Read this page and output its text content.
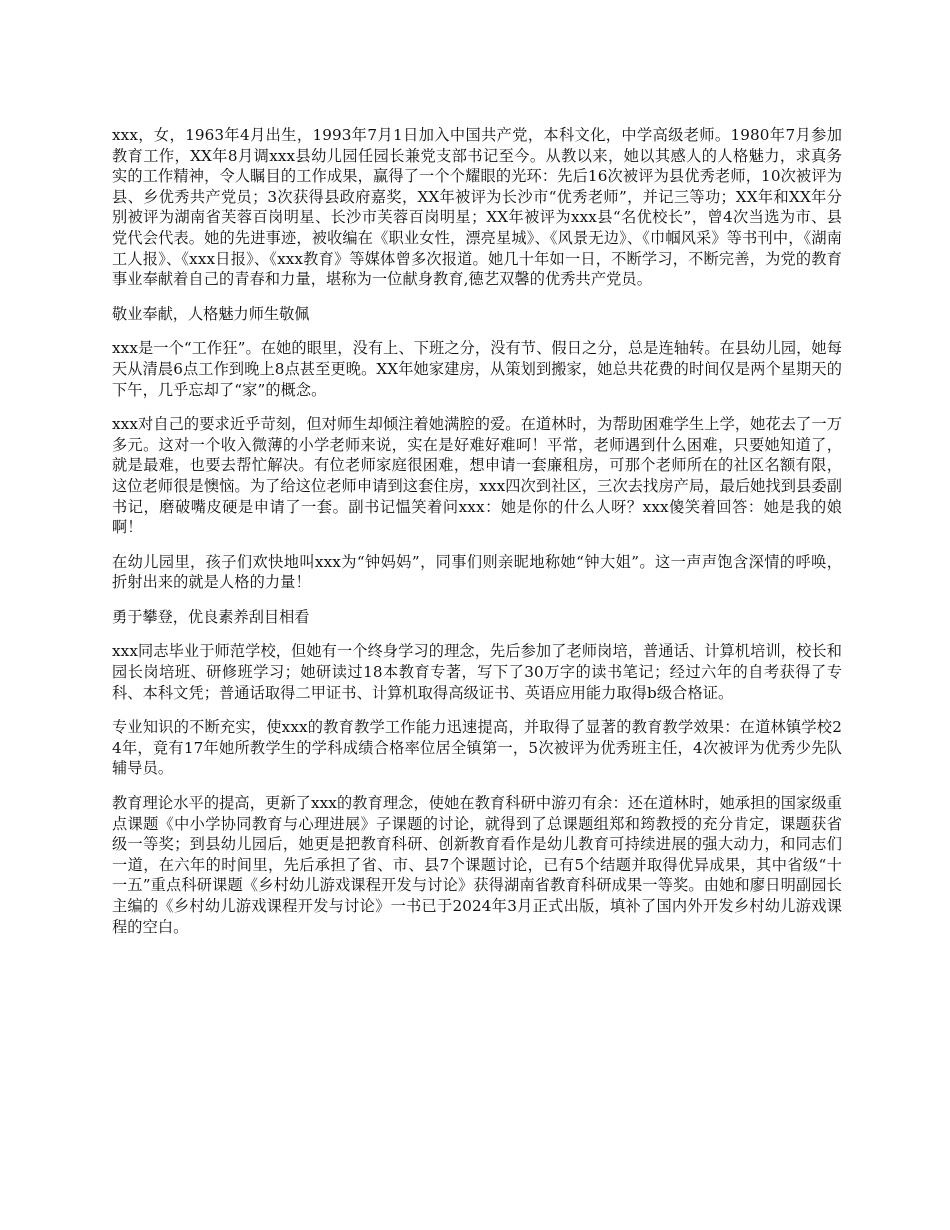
xxx，女，1963年4月出生，1993年7月1日加入中国共产党，本科文化，中学高级老师。1980年7月参加教育工作，XX年8月调xxx县幼儿园任园长兼党支部书记至今。从教以来，她以其感人的人格魅力，求真务实的工作精神，令人瞩目的工作成果，赢得了一个个耀眼的光环：先后16次被评为县优秀老师，10次被评为县、乡优秀共产党员；3次获得县政府嘉奖，XX年被评为长沙市“优秀老师”，并记三等功；XX年和XX年分别被评为湖南省芙蓉百岗明星、长沙市芙蓉百岗明星；XX年被评为xxx县“名优校长”，曾4次当选为市、县党代会代表。她的先进事迹，被收编在《职业女性，漂亮星城》、《风景无边》、《巾帼风采》等书刊中，《湖南工人报》、《xxx日报》、《xxx教育》等媒体曾多次报道。她几十年如一日，不断学习，不断完善，为党的教育事业奉献着自己的青春和力量，堪称为一位献身教育,德艺双馨的优秀共产党员。

敬业奉献，人格魅力师生敬佩

xxx是一个“工作狂”。在她的眼里，没有上、下班之分，没有节、假日之分，总是连轴转。在县幼儿园，她每天从清晨6点工作到晚上8点甚至更晚。XX年她家建房，从策划到搬家，她总共花费的时间仅是两个星期天的下午，几乎忘却了“家”的概念。

xxx对自己的要求近乎苛刻，但对师生却倾注着她满腔的爱。在道林时，为帮助困难学生上学，她花去了一万多元。这对一个收入微薄的小学老师来说，实在是好难好难呵！平常，老师遇到什么困难，只要她知道了，就是最难，也要去帮忙解决。有位老师家庭很困难，想申请一套廉租房，可那个老师所在的社区名额有限，这位老师很是懊恼。为了给这位老师申请到这套住房，xxx四次到社区，三次去找房产局，最后她找到县委副书记，磨破嘴皮硬是申请了一套。副书记愠笑着问xxx：她是你的什么人呀？xxx傻笑着回答：她是我的娘啊！

在幼儿园里，孩子们欢快地叫xxx为“钟妈妈”，同事们则亲昵地称她“钟大姐”。这一声声饱含深情的呼唤，折射出来的就是人格的力量！

勇于攀登，优良素养刮目相看

xxx同志毕业于师范学校，但她有一个终身学习的理念，先后参加了老师岗培，普通话、计算机培训，校长和园长岗培班、研修班学习；她研读过18本教育专著，写下了30万字的读书笔记；经过六年的自考获得了专科、本科文凭；普通话取得二甲证书、计算机取得高级证书、英语应用能力取得b级合格证。

专业知识的不断充实，使xxx的教育教学工作能力迅速提高，并取得了显著的教育教学效果：在道林镇学校24年，竟有17年她所教学生的学科成绩合格率位居全镇第一，5次被评为优秀班主任，4次被评为优秀少先队辅导员。

教育理论水平的提高，更新了xxx的教育理念，使她在教育科研中游刃有余：还在道林时，她承担的国家级重点课题《中小学协同教育与心理进展》子课题的讨论，就得到了总课题组郑和筠教授的充分肯定，课题获省级一等奖；到县幼儿园后，她更是把教育科研、创新教育看作是幼儿教育可持续进展的强大动力，和同志们一道，在六年的时间里，先后承担了省、市、县7个课题讨论，已有5个结题并取得优异成果，其中省级“十一五”重点科研课题《乡村幼儿游戏课程开发与讨论》获得湖南省教育科研成果一等奖。由她和廖日明副园长主编的《乡村幼儿游戏课程开发与讨论》一书已于2024年3月正式出版，填补了国内外开发乡村幼儿游戏课程的空白。
